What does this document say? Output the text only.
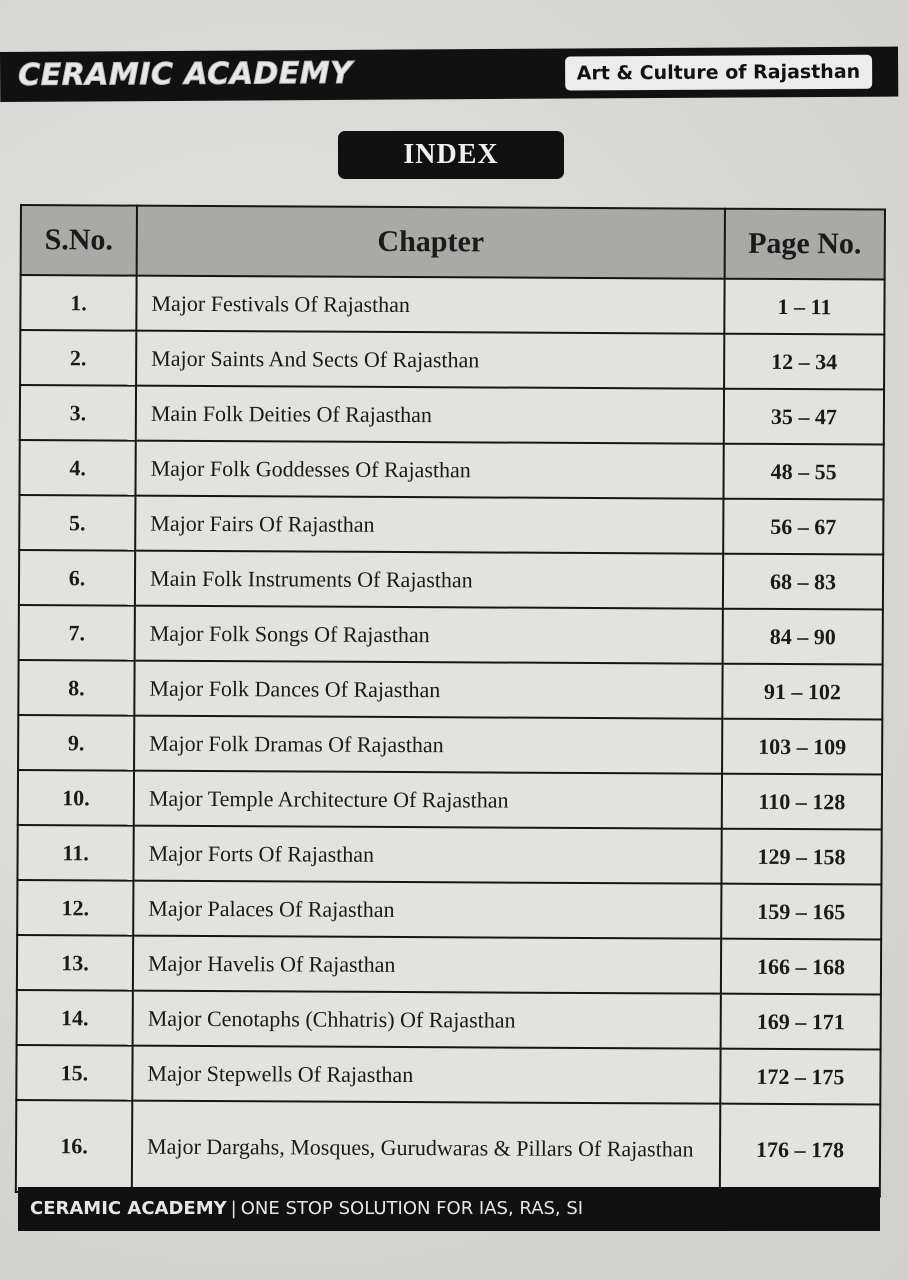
CERAMIC ACADEMY	Art & Culture of Rajasthan
INDEX
S.No.	Chapter	Page No.
1.	Major Festivals Of Rajasthan	1 – 11
2.	Major Saints And Sects Of Rajasthan	12 – 34
3.	Main Folk Deities Of Rajasthan	35 – 47
4.	Major Folk Goddesses Of Rajasthan	48 – 55
5.	Major Fairs Of Rajasthan	56 – 67
6.	Main Folk Instruments Of Rajasthan	68 – 83
7.	Major Folk Songs Of Rajasthan	84 – 90
8.	Major Folk Dances Of Rajasthan	91 – 102
9.	Major Folk Dramas Of Rajasthan	103 – 109
10.	Major Temple Architecture Of Rajasthan	110 – 128
11.	Major Forts Of Rajasthan	129 – 158
12.	Major Palaces Of Rajasthan	159 – 165
13.	Major Havelis Of Rajasthan	166 – 168
14.	Major Cenotaphs (Chhatris) Of Rajasthan	169 – 171
15.	Major Stepwells Of Rajasthan	172 – 175
16.	Major Dargahs, Mosques, Gurudwaras & Pillars Of Rajasthan	176 – 178
CERAMIC ACADEMY | ONE STOP SOLUTION FOR IAS, RAS, SI
